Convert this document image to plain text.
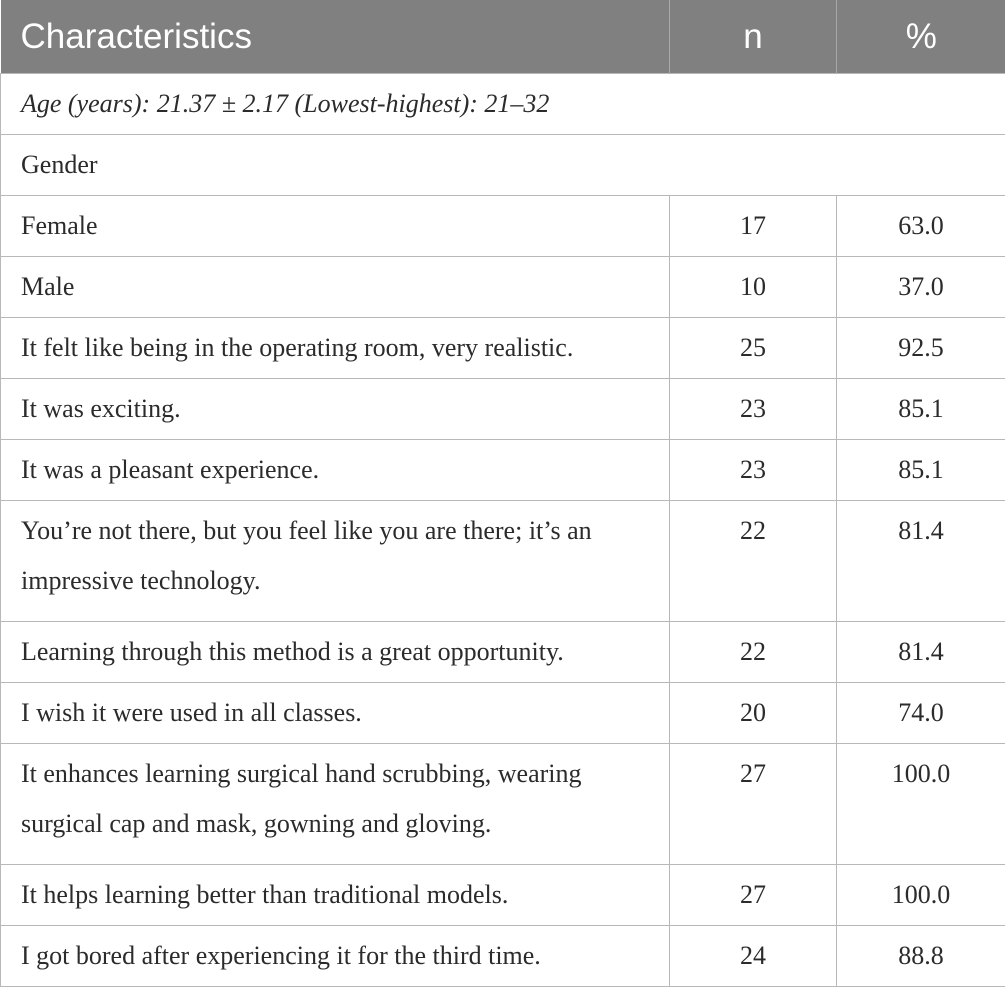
Characteristics	n	%
Age (years): 21.37 ± 2.17 (Lowest-highest): 21–32		
Gender		
Female	17	63.0
Male	10	37.0
It felt like being in the operating room, very realistic.	25	92.5
It was exciting.	23	85.1
It was a pleasant experience.	23	85.1
You’re not there, but you feel like you are there; it’s an impressive technology.	22	81.4
Learning through this method is a great opportunity.	22	81.4
I wish it were used in all classes.	20	74.0
It enhances learning surgical hand scrubbing, wearing surgical cap and mask, gowning and gloving.	27	100.0
It helps learning better than traditional models.	27	100.0
I got bored after experiencing it for the third time.	24	88.8
